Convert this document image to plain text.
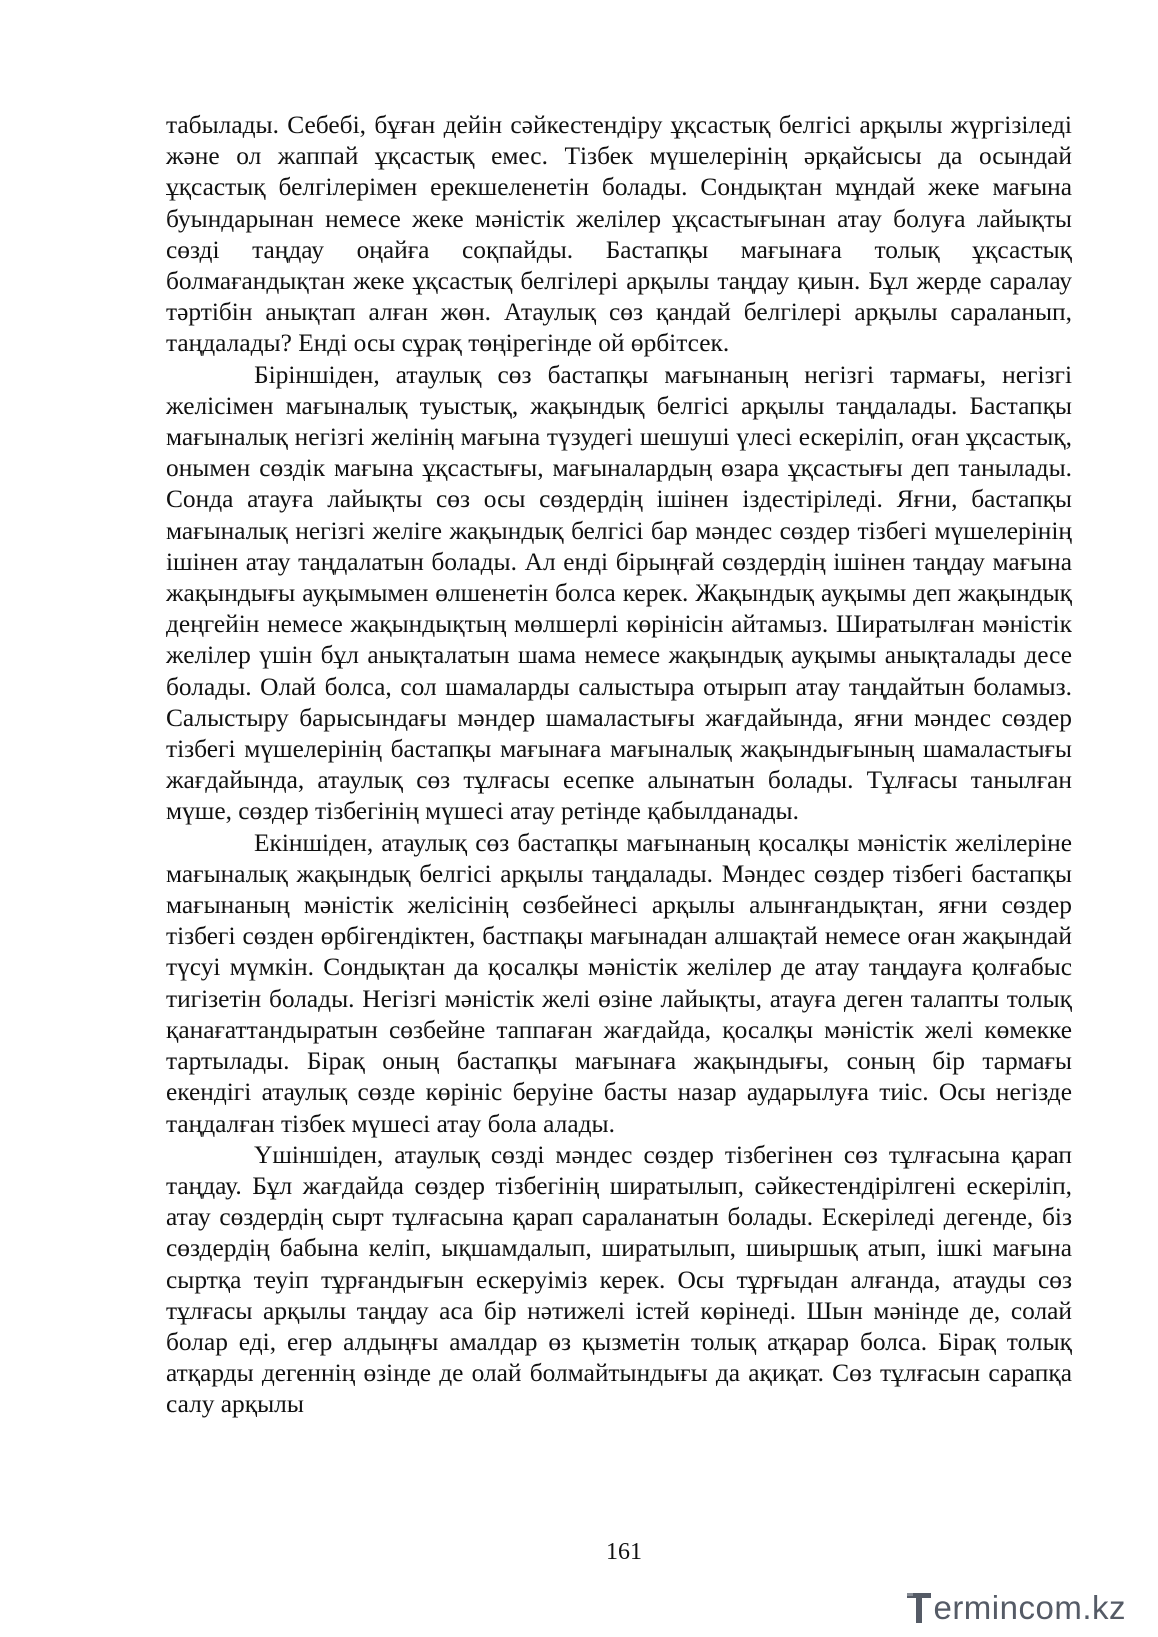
табылады. Себебі, бұған дейін сәйкестендіру ұқсастық белгісі арқылы жүргізіледі және ол жаппай ұқсастық емес. Тізбек мүшелерінің әрқайсысы да осындай ұқсастық белгілерімен ерекшеленетін болады. Сондықтан мұндай жеке мағына буындарынан немесе жеке мәністік желілер ұқсастығынан атау болуға лайықты сөзді таңдау оңайға соқпайды. Бастапқы мағынаға толық ұқсастық болмағандықтан жеке ұқсастық белгілері арқылы таңдау қиын. Бұл жерде саралау тәртібін анықтап алған жөн. Атаулық сөз қандай белгілері арқылы сараланып, таңдалады? Енді осы сұрақ төңірегінде ой өрбітсек.

Біріншіден, атаулық сөз бастапқы мағынаның негізгі тармағы, негізгі желісімен мағыналық туыстық, жақындық белгісі арқылы таңдалады. Бастапқы мағыналық негізгі желінің мағына түзудегі шешуші үлесі ескеріліп, оған ұқсастық, онымен сөздік мағына ұқсастығы, мағыналардың өзара ұқсастығы деп танылады. Сонда атауға лайықты сөз осы сөздердің ішінен іздестіріледі. Яғни, бастапқы мағыналық негізгі желіге жақындық белгісі бар мәндес сөздер тізбегі мүшелерінің ішінен атау таңдалатын болады. Ал енді бірыңғай сөздердің ішінен таңдау мағына жақындығы ауқымымен өлшенетін болса керек. Жақындық ауқымы деп жақындық деңгейін немесе жақындықтың мөлшерлі көрінісін айтамыз. Ширатылған мәністік желілер үшін бұл анықталатын шама немесе жақындық ауқымы анықталады десе болады. Олай болса, сол шамаларды салыстыра отырып атау таңдайтын боламыз. Салыстыру барысындағы мәндер шамаластығы жағдайында, яғни мәндес сөздер тізбегі мүшелерінің бастапқы мағынаға мағыналық жақындығының шамаластығы жағдайында, атаулық сөз тұлғасы есепке алынатын болады. Тұлғасы танылған мүше, сөздер тізбегінің мүшесі атау ретінде қабылданады.

Екіншіден, атаулық сөз бастапқы мағынаның қосалқы мәністік желілеріне мағыналық жақындық белгісі арқылы таңдалады. Мәндес сөздер тізбегі бастапқы мағынаның мәністік желісінің сөзбейнесі арқылы алынғандықтан, яғни сөздер тізбегі сөзден өрбігендіктен, бастпақы мағынадан алшақтай немесе оған жақындай түсуі мүмкін. Сондықтан да қосалқы мәністік желілер де атау таңдауға қолғабыс тигізетін болады. Негізгі мәністік желі өзіне лайықты, атауға деген талапты толық қанағаттандыратын сөзбейне таппаған жағдайда, қосалқы мәністік желі көмекке тартылады. Бірақ оның бастапқы мағынаға жақындығы, соның бір тармағы екендігі атаулық сөзде көрініс беруіне басты назар аударылуға тиіс. Осы негізде таңдалған тізбек мүшесі атау бола алады.

Үшіншіден, атаулық сөзді мәндес сөздер тізбегінен сөз тұлғасына қарап таңдау. Бұл жағдайда сөздер тізбегінің ширатылып, сәйкестендірілгені ескеріліп, атау сөздердің сырт тұлғасына қарап сараланатын болады. Ескеріледі дегенде, біз сөздердің бабына келіп, ықшамдалып, ширатылып, шиыршық атып, ішкі мағына сыртқа теуіп тұрғандығын ескеруіміз керек. Осы тұрғыдан алғанда, атауды сөз тұлғасы арқылы таңдау аса бір нәтижелі істей көрінеді. Шын мәнінде де, солай болар еді, егер алдыңғы амалдар өз қызметін толық атқарар болса. Бірақ толық атқарды дегеннің өзінде де олай болмайтындығы да ақиқат. Сөз тұлғасын сарапқа салу арқылы

161
ermincom.kz
